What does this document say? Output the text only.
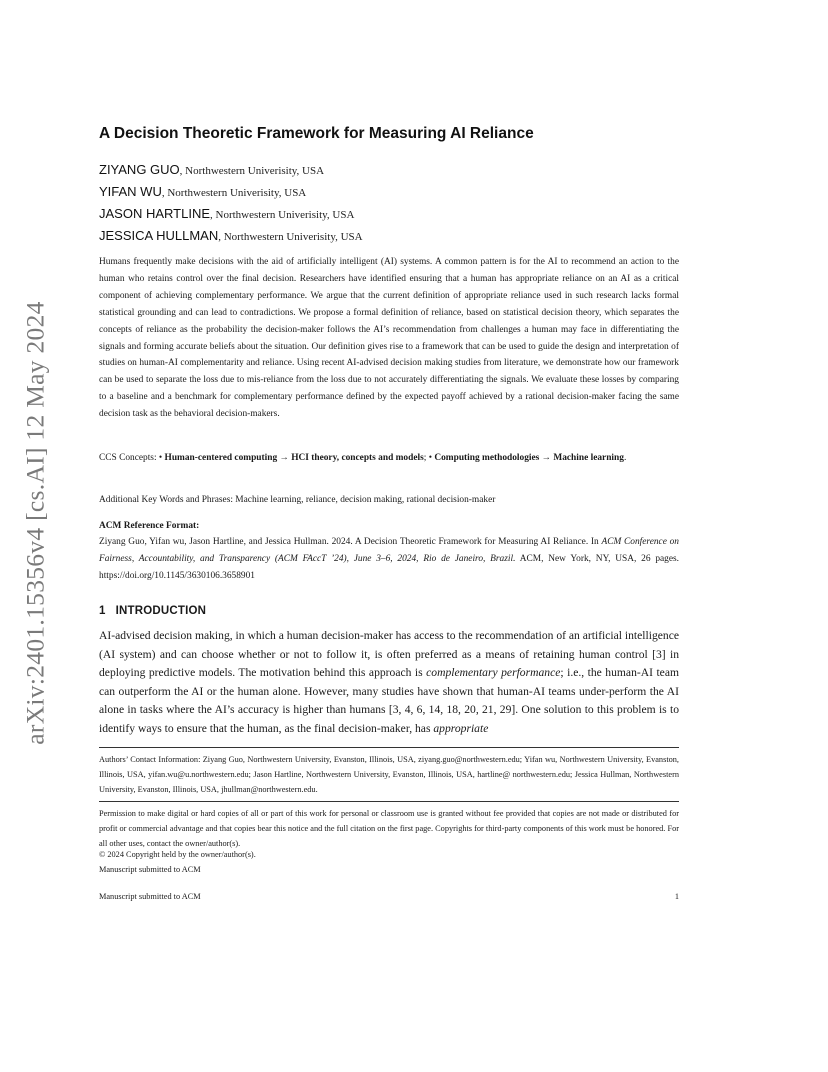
arXiv:2401.15356v4 [cs.AI] 12 May 2024
A Decision Theoretic Framework for Measuring AI Reliance
ZIYANG GUO, Northwestern Univerisity, USA
YIFAN WU, Northwestern Univerisity, USA
JASON HARTLINE, Northwestern Univerisity, USA
JESSICA HULLMAN, Northwestern Univerisity, USA

Humans frequently make decisions with the aid of artificially intelligent (AI) systems. A common pattern is for the AI to recommend an action to the human who retains control over the final decision. Researchers have identified ensuring that a human has appropriate reliance on an AI as a critical component of achieving complementary performance. We argue that the current definition of appropriate reliance used in such research lacks formal statistical grounding and can lead to contradictions. We propose a formal definition of reliance, based on statistical decision theory, which separates the concepts of reliance as the probability the decision-maker follows the AI’s recommendation from challenges a human may face in differentiating the signals and forming accurate beliefs about the situation. Our definition gives rise to a framework that can be used to guide the design and interpretation of studies on human-AI complementarity and reliance. Using recent AI-advised decision making studies from literature, we demonstrate how our framework can be used to separate the loss due to mis-reliance from the loss due to not accurately differentiating the signals. We evaluate these losses by comparing to a baseline and a benchmark for complementary performance defined by the expected payoff achieved by a rational decision-maker facing the same decision task as the behavioral decision-makers.

CCS Concepts: • Human-centered computing → HCI theory, concepts and models; • Computing methodologies → Machine learning.

Additional Key Words and Phrases: Machine learning, reliance, decision making, rational decision-maker

ACM Reference Format:

Ziyang Guo, Yifan wu, Jason Hartline, and Jessica Hullman. 2024. A Decision Theoretic Framework for Measuring AI Reliance. In ACM Conference on Fairness, Accountability, and Transparency (ACM FAccT ’24), June 3–6, 2024, Rio de Janeiro, Brazil. ACM, New York, NY, USA, 26 pages. https://doi.org/10.1145/3630106.3658901

1 INTRODUCTION

AI-advised decision making, in which a human decision-maker has access to the recommendation of an artificial intelligence (AI system) and can choose whether or not to follow it, is often preferred as a means of retaining human control [3] in deploying predictive models. The motivation behind this approach is complementary performance; i.e., the human-AI team can outperform the AI or the human alone. However, many studies have shown that human-AI teams under-perform the AI alone in tasks where the AI’s accuracy is higher than humans [3, 4, 6, 14, 18, 20, 21, 29]. One solution to this problem is to identify ways to ensure that the human, as the final decision-maker, has appropriate

Authors’ Contact Information: Ziyang Guo, Northwestern University, Evanston, Illinois, USA, ziyang.guo@northwestern.edu; Yifan wu, Northwestern University, Evanston, Illinois, USA, yifan.wu@u.northwestern.edu; Jason Hartline, Northwestern University, Evanston, Illinois, USA, hartline@ northwestern.edu; Jessica Hullman, Northwestern University, Evanston, Illinois, USA, jhullman@northwestern.edu.

Permission to make digital or hard copies of all or part of this work for personal or classroom use is granted without fee provided that copies are not made or distributed for profit or commercial advantage and that copies bear this notice and the full citation on the first page. Copyrights for third-party components of this work must be honored. For all other uses, contact the owner/author(s).

© 2024 Copyright held by the owner/author(s).

Manuscript submitted to ACM

Manuscript submitted to ACM	1
